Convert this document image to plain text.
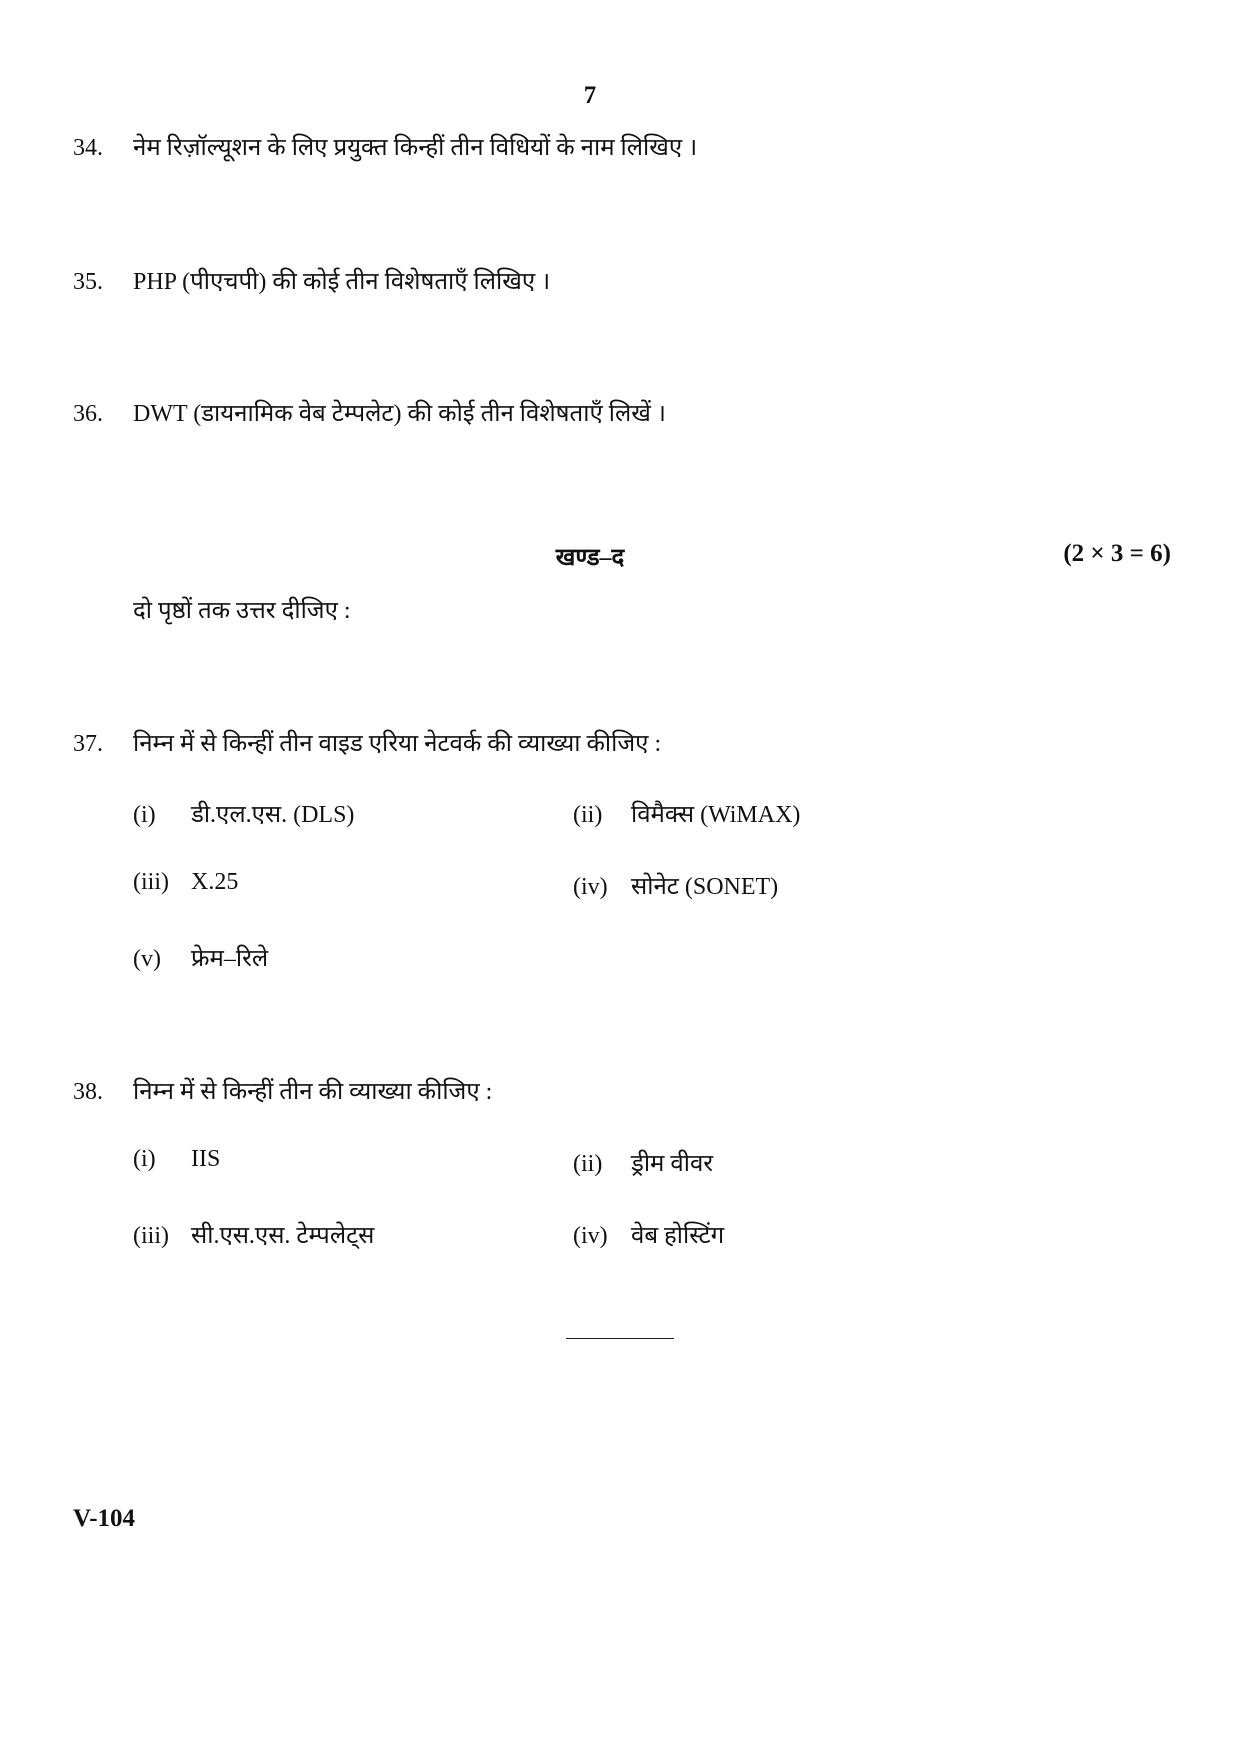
7
34. नेम रिज़ॉल्यूशन के लिए प्रयुक्त किन्हीं तीन विधियों के नाम लिखिए ।
35. PHP (पीएचपी) की कोई तीन विशेषताएँ लिखिए ।
36. DWT (डायनामिक वेब टेम्पलेट) की कोई तीन विशेषताएँ लिखें ।
खण्ड–द	(2 × 3 = 6)
दो पृष्ठों तक उत्तर दीजिए :
37. निम्न में से किन्हीं तीन वाइड एरिया नेटवर्क की व्याख्या कीजिए :
(i) डी.एल.एस. (DLS)	(ii) विमैक्स (WiMAX)
(iii) X.25	(iv) सोनेट (SONET)
(v) फ्रेम–रिले
38. निम्न में से किन्हीं तीन की व्याख्या कीजिए :
(i) IIS	(ii) ड्रीम वीवर
(iii) सी.एस.एस. टेम्पलेट्स	(iv) वेब होस्टिंग
V-104
